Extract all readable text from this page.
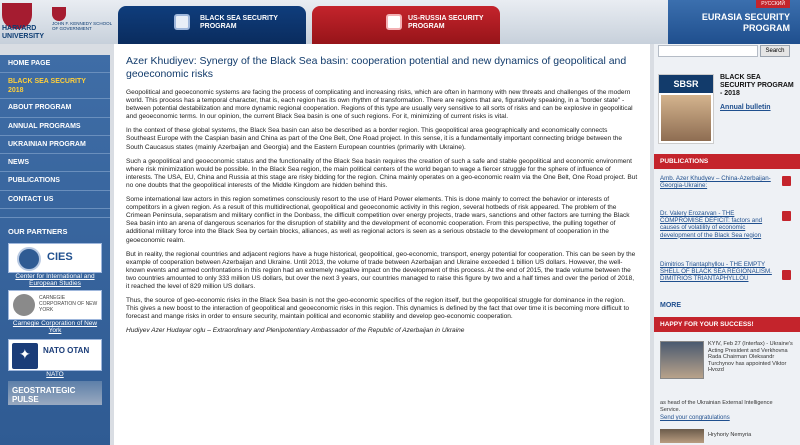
HARVARD UNIVERSITY
JOHN F. KENNEDY SCHOOL OF GOVERNMENT
BLACK SEA SECURITY PROGRAM
US-RUSSIA SECURITY PROGRAM
РУССКИЙ
EURASIA SECURITY PROGRAM
HOME PAGE
BLACK SEA SECURITY 2018
ABOUT PROGRAM
ANNUAL PROGRAMS
UKRAINIAN PROGRAM
NEWS
PUBLICATIONS
CONTACT US
OUR PARTNERS
CIES
Center for International and European Studies
CARNEGIE CORPORATION OF NEW YORK
Carnegie Corporation of New York
✦ NATO OTAN
NATO
GEOSTRATEGIC PULSE
Azer Khudiyev: Synergy of the Black Sea basin: cooperation potential and new dynamics of geopolitical and geoeconomic risks

Geopolitical and geoeconomic systems are facing the process of complicating and increasing risks, which are often in harmony with new threats and challenges of the modern world. This process has a temporal character, that is, each region has its own rhythm of transformation. There are regions that are, figuratively speaking, in a "border state" - between potential destabilization and more dynamic regional cooperation. Regions of this type are usually very sensitive to all sorts of risks and can be explosive in geopolitical and geoeconomic terms. In our opinion, the current Black Sea basin is one of such regions. For it, minimizing of current risks is vital.

In the context of these global systems, the Black Sea basin can also be described as a border region. This geopolitical area geographically and economically connects Southeast Europe with the Caspian basin and China as part of the One Belt, One Road project. In this sense, it is a fundamentally important connecting bridge between the South Caucasus states (mainly Azerbaijan and Georgia) and the Eastern European countries (primarily with Ukraine).

Such a geopolitical and geoeconomic status and the functionality of the Black Sea basin requires the creation of such a safe and stable geopolitical and economic environment where risk minimization would be possible. In the Black Sea region, the main political centers of the world began to wage a fiercer struggle for the sphere of influence of interests. The USA, EU, China and Russia at this stage are risky bidding for the region. China mainly operates on a geo-economic realm via the One Belt, One Road project. But no one doubts that the geopolitical interests of the Middle Kingdom are hidden behind this.

Some international law actors in this region sometimes consciously resort to the use of Hard Power elements. This is done mainly to correct the behavior or interests of competitors in a given region. As a result of this multidirectional, geopolitical and geoeconomic activity in this region, several hotbeds of risk appeared. The problem of the Crimean Peninsula, separatism and military conflict in the Donbass, the difficult competition over energy projects, trade wars, sanctions and other factors are turning the Black Sea basin into an arena of dangerous scenarios for the disruption of stability and the development of economic cooperation. From this perspective, the pulling together of additional military force into the Black Sea by certain blocks, alliances, as well as regional actors is seen as a serious obstacle to the development of cooperation in the geoeconomic realm.

But in reality, the regional countries and adjacent regions have a huge historical, geopolitical, geo-economic, transport, energy potential for cooperation. This can be seen by the example of cooperation between Azerbaijan and Ukraine. Until 2013, the volume of trade between Azerbaijan and Ukraine exceeded 1 billion US dollars. However, the well-known events and armed confrontations in this region had an extremely negative impact on the development of this process. At the end of 2015, the trade volume between the two countries amounted to only 333 million US dollars, but over the next 3 years, our countries managed to raise this figure by two and a half times and over the period of 2018, it reached the level of 829 million US dollars.

Thus, the source of geo-economic risks in the Black Sea basin is not the geo-economic specifics of the region itself, but the geopolitical struggle for dominance in the region. This gives a new boost to the interaction of geopolitical and geoeconomic risks in this region. This dynamics is defined by the fact that over time it is becoming more difficult to forecast and mange risks in order to ensure security, maintain political and economic stability and develop geo-economic cooperation.

Hudiyev Azer Hudayar oglu – Extraordinary and Plenipotentiary Ambassador of the Republic of Azerbaijan in Ukraine

Search
SBSR
BLACK SEA SECURITY PROGRAM - 2018
Annual bulletin
PUBLICATIONS
Amb. Azer Khudyev – China-Azerbaijan-Georgia-Ukraine:
Dr. Valery Erozarvan - THE COMPROMISE DEFICIT: factors and causes of volatility of economic development of the Black Sea region
Dimitrios Triantaphyllou - THE EMPTY SHELL OF BLACK SEA REGIONALISM. DIMITRIOS TRIANTAPHYLLOU
MORE
HAPPY FOR YOUR SUCCESS!
KYIV, Feb 27 (Interfax) - Ukraine's Acting President and Verkhovna Rada Chairman Oleksandr Turchynov has appointed Viktor Hvozd
as head of the Ukrainian External Intelligence Service.
Send your congratulations
Hryhoriy Nemyria
